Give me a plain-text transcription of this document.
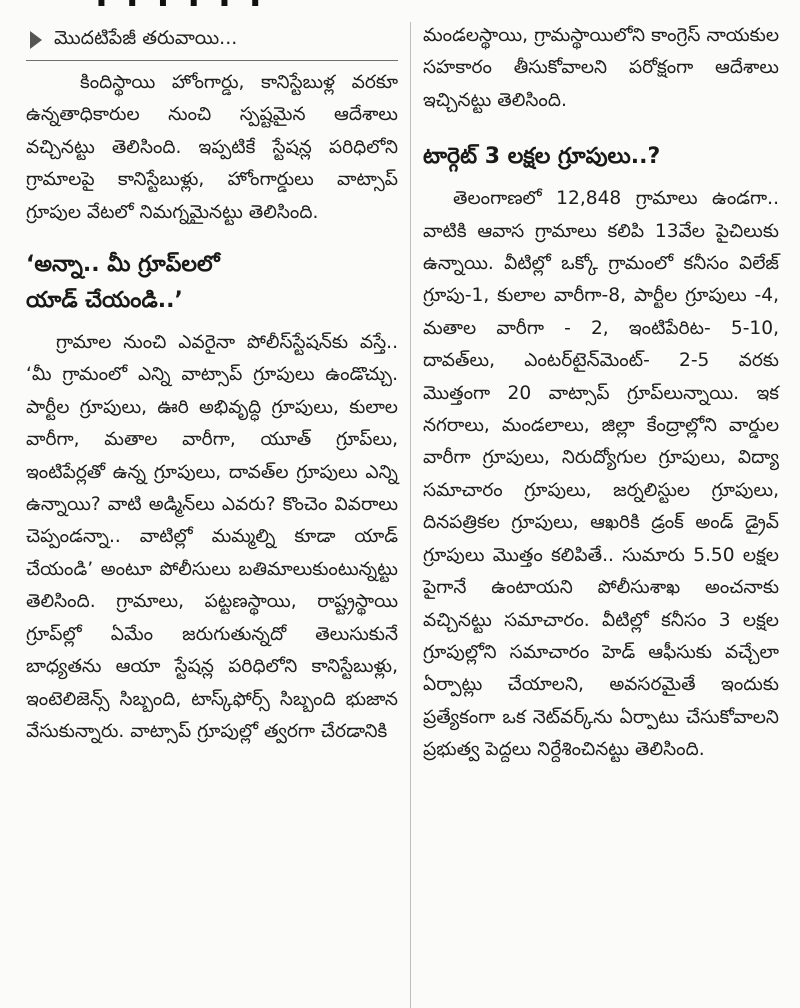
మొదటిపేజీ తరువాయి...

కిందిస్థాయి హోంగార్డు, కానిస్టేబుళ్ల వరకూ ఉన్నతాధికారుల నుంచి స్పష్టమైన ఆదేశాలు వచ్చినట్టు తెలిసింది. ఇప్పటికే స్టేషన్ల పరిధిలోని గ్రామాలపై కానిస్టేబుళ్లు, హోంగార్డులు వాట్సాప్ గ్రూపుల వేటలో నిమగ్నమైనట్టు తెలిసింది.

‘అన్నా.. మీ గ్రూప్‌లలో
యాడ్ చేయండి..’

గ్రామాల నుంచి ఎవరైనా పోలీస్‌స్టేషన్‌కు వస్తే.. ‘మీ గ్రామంలో ఎన్ని వాట్సాప్ గ్రూపులు ఉండొచ్చు. పార్టీల గ్రూపులు, ఊరి అభివృద్ధి గ్రూపులు, కులాల వారీగా, మతాల వారీగా, యూత్ గ్రూప్‌లు, ఇంటిపేర్లతో ఉన్న గ్రూపులు, దావత్‌ల గ్రూపులు ఎన్ని ఉన్నాయి? వాటి అడ్మిన్‌లు ఎవరు? కొంచెం వివరాలు చెప్పండన్నా.. వాటిల్లో మమ్మల్ని కూడా యాడ్ చేయండి’ అంటూ పోలీసులు బతిమాలుకుంటున్నట్టు తెలిసింది. గ్రామాలు, పట్టణస్థాయి, రాష్ట్రస్థాయి గ్రూప్‌ల్లో ఏమేం జరుగుతున్నదో తెలుసుకునే బాధ్యతను ఆయా స్టేషన్ల పరిధిలోని కానిస్టేబుళ్లు, ఇంటెలిజెన్స్ సిబ్బంది, టాస్క్‌ఫోర్స్ సిబ్బంది భుజాన వేసుకున్నారు. వాట్సాప్ గ్రూపుల్లో త్వరగా చేరడానికి

మండలస్థాయి, గ్రామస్థాయిలోని కాంగ్రెస్ నాయకుల సహకారం తీసుకోవాలని పరోక్షంగా ఆదేశాలు ఇచ్చినట్టు తెలిసింది.

టార్గెట్ 3 లక్షల గ్రూపులు..?

తెలంగాణలో 12,848 గ్రామాలు ఉండగా.. వాటికి ఆవాస గ్రామాలు కలిపి 13వేల పైచిలుకు ఉన్నాయి. వీటిల్లో ఒక్కో గ్రామంలో కనీసం విలేజ్ గ్రూపు-1, కులాల వారీగా-8, పార్టీల గ్రూపులు -4, మతాల వారీగా - 2, ఇంటిపేరిట- 5-10, దావత్‌లు, ఎంటర్‌టైన్‌మెంట్- 2-5 వరకు మొత్తంగా 20 వాట్సాప్ గ్రూప్‌లున్నాయి. ఇక నగరాలు, మండలాలు, జిల్లా కేంద్రాల్లోని వార్డుల వారీగా గ్రూపులు, నిరుద్యోగుల గ్రూపులు, విద్యా సమాచారం గ్రూపులు, జర్నలిస్టుల గ్రూపులు, దినపత్రికల గ్రూపులు, ఆఖరికి డ్రంక్ అండ్ డ్రైవ్ గ్రూపులు మొత్తం కలిపితే.. సుమారు 5.50 లక్షల పైగానే ఉంటాయని పోలీసుశాఖ అంచనాకు వచ్చినట్టు సమాచారం. వీటిల్లో కనీసం 3 లక్షల గ్రూపుల్లోని సమాచారం హెడ్ ఆఫీసుకు వచ్చేలా ఏర్పాట్లు చేయాలని, అవసరమైతే ఇందుకు ప్రత్యేకంగా ఒక నెట్‌వర్క్‌ను ఏర్పాటు చేసుకోవాలని ప్రభుత్వ పెద్దలు నిర్దేశించినట్టు తెలిసింది.
